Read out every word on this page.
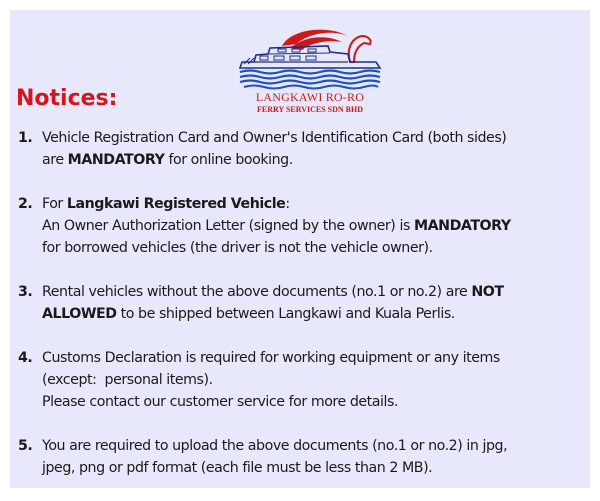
LANGKAWI RO-RO
FERRY SERVICES SDN BHD
Notices:
1. Vehicle Registration Card and Owner's Identification Card (both sides)
are MANDATORY for online booking.
2. For Langkawi Registered Vehicle:
An Owner Authorization Letter (signed by the owner) is MANDATORY
for borrowed vehicles (the driver is not the vehicle owner).
3. Rental vehicles without the above documents (no.1 or no.2) are NOT
ALLOWED to be shipped between Langkawi and Kuala Perlis.
4. Customs Declaration is required for working equipment or any items
(except:  personal items).
Please contact our customer service for more details.
5. You are required to upload the above documents (no.1 or no.2) in jpg,
jpeg, png or pdf format (each file must be less than 2 MB).
